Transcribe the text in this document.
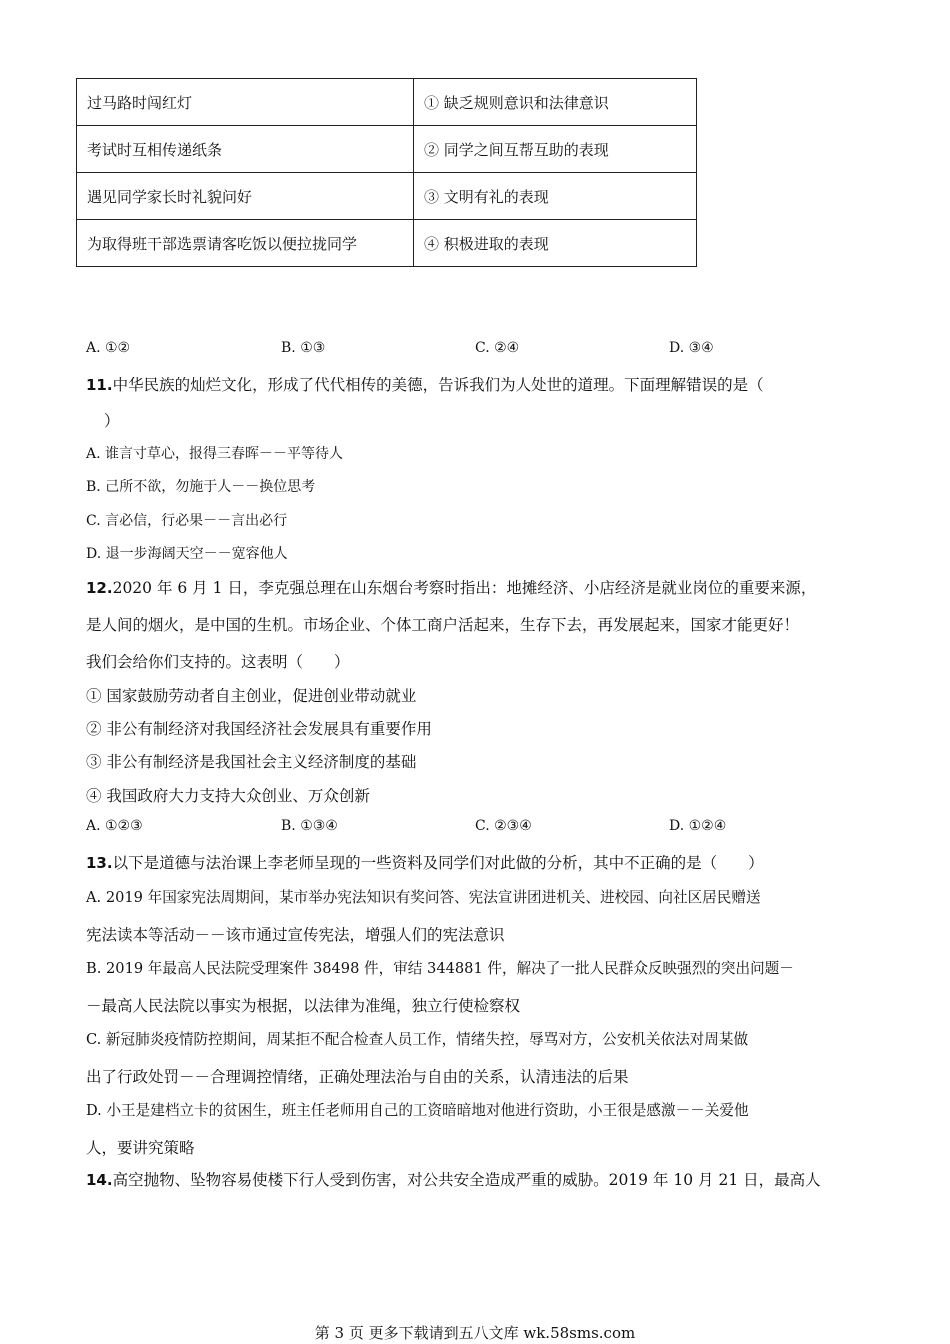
过马路时闯红灯	① 缺乏规则意识和法律意识
考试时互相传递纸条	② 同学之间互帮互助的表现
遇见同学家长时礼貌问好	③ 文明有礼的表现
为取得班干部选票请客吃饭以便拉拢同学	④ 积极进取的表现
A. ①②	B. ①③	C. ②④	D. ③④
11.中华民族的灿烂文化，形成了代代相传的美德，告诉我们为人处世的道理。下面理解错误的是（
）
A. 谁言寸草心，报得三春晖－－平等待人
B. 己所不欲，勿施于人－－换位思考
C. 言必信，行必果－－言出必行
D. 退一步海阔天空－－宽容他人
12.2020 年 6 月 1 日，李克强总理在山东烟台考察时指出：地摊经济、小店经济是就业岗位的重要来源，
是人间的烟火，是中国的生机。市场企业、个体工商户活起来，生存下去，再发展起来，国家才能更好！
我们会给你们支持的。这表明（　　）
① 国家鼓励劳动者自主创业，促进创业带动就业
② 非公有制经济对我国经济社会发展具有重要作用
③ 非公有制经济是我国社会主义经济制度的基础
④ 我国政府大力支持大众创业、万众创新
A. ①②③	B. ①③④	C. ②③④	D. ①②④
13.以下是道德与法治课上李老师呈现的一些资料及同学们对此做的分析，其中不正确的是（　　）
A. 2019 年国家宪法周期间，某市举办宪法知识有奖问答、宪法宣讲团进机关、进校园、向社区居民赠送
宪法读本等活动－－该市通过宣传宪法，增强人们的宪法意识
B. 2019 年最高人民法院受理案件 38498 件，审结 344881 件，解决了一批人民群众反映强烈的突出问题－
－最高人民法院以事实为根据，以法律为准绳，独立行使检察权
C. 新冠肺炎疫情防控期间，周某拒不配合检查人员工作，情绪失控，辱骂对方，公安机关依法对周某做
出了行政处罚－－合理调控情绪，正确处理法治与自由的关系，认清违法的后果
D. 小王是建档立卡的贫困生，班主任老师用自己的工资暗暗地对他进行资助，小王很是感激－－关爱他
人，要讲究策略
14.高空抛物、坠物容易使楼下行人受到伤害，对公共安全造成严重的威胁。2019 年 10 月 21 日，最高人
第 3 页 更多下载请到五八文库 wk.58sms.com
